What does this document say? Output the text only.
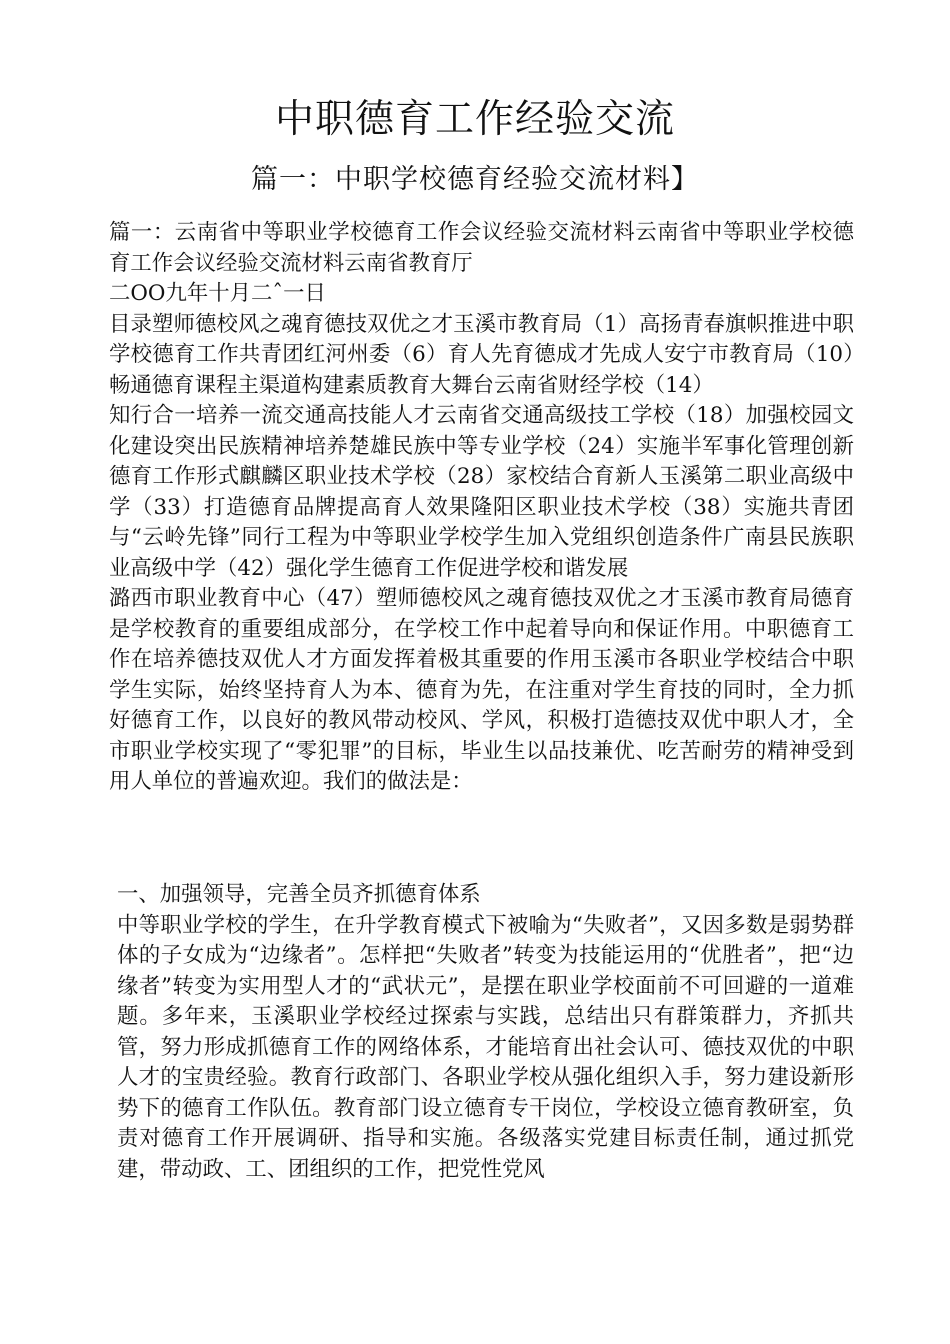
中职德育工作经验交流
篇一：中职学校德育经验交流材料】

篇一：云南省中等职业学校德育工作会议经验交流材料云南省中等职业学校德育工作会议经验交流材料云南省教育厅

二OO九年十月二ˆ一日

目录塑师德校风之魂育德技双优之才玉溪市教育局（1）高扬青春旗帜推进中职学校德育工作共青团红河州委（6）育人先育德成才先成人安宁市教育局（10）畅通德育课程主渠道构建素质教育大舞台云南省财经学校（14）

知行合一培养一流交通高技能人才云南省交通高级技工学校（18）加强校园文化建设突出民族精神培养楚雄民族中等专业学校（24）实施半军事化管理创新德育工作形式麒麟区职业技术学校（28）家校结合育新人玉溪第二职业高级中学（33）打造德育品牌提高育人效果隆阳区职业技术学校（38）实施共青团与“云岭先锋”同行工程为中等职业学校学生加入党组织创造条件广南县民族职业高级中学（42）强化学生德育工作促进学校和谐发展

潞西市职业教育中心（47）塑师德校风之魂育德技双优之才玉溪市教育局德育是学校教育的重要组成部分，在学校工作中起着导向和保证作用。中职德育工作在培养德技双优人才方面发挥着极其重要的作用玉溪市各职业学校结合中职学生实际，始终坚持育人为本、德育为先，在注重对学生育技的同时，全力抓好德育工作，以良好的教风带动校风、学风，积极打造德技双优中职人才，全市职业学校实现了“零犯罪”的目标，毕业生以品技兼优、吃苦耐劳的精神受到用人单位的普遍欢迎。我们的做法是：

一、加强领导，完善全员齐抓德育体系

中等职业学校的学生，在升学教育模式下被喻为“失败者”，又因多数是弱势群体的子女成为“边缘者”。怎样把“失败者”转变为技能运用的“优胜者”，把“边缘者”转变为实用型人才的“武状元”，是摆在职业学校面前不可回避的一道难题。多年来，玉溪职业学校经过探索与实践，总结出只有群策群力，齐抓共管，努力形成抓德育工作的网络体系，才能培育出社会认可、德技双优的中职人才的宝贵经验。教育行政部门、各职业学校从强化组织入手，努力建设新形势下的德育工作队伍。教育部门设立德育专干岗位，学校设立德育教研室，负责对德育工作开展调研、指导和实施。各级落实党建目标责任制，通过抓党建，带动政、工、团组织的工作，把党性党风
